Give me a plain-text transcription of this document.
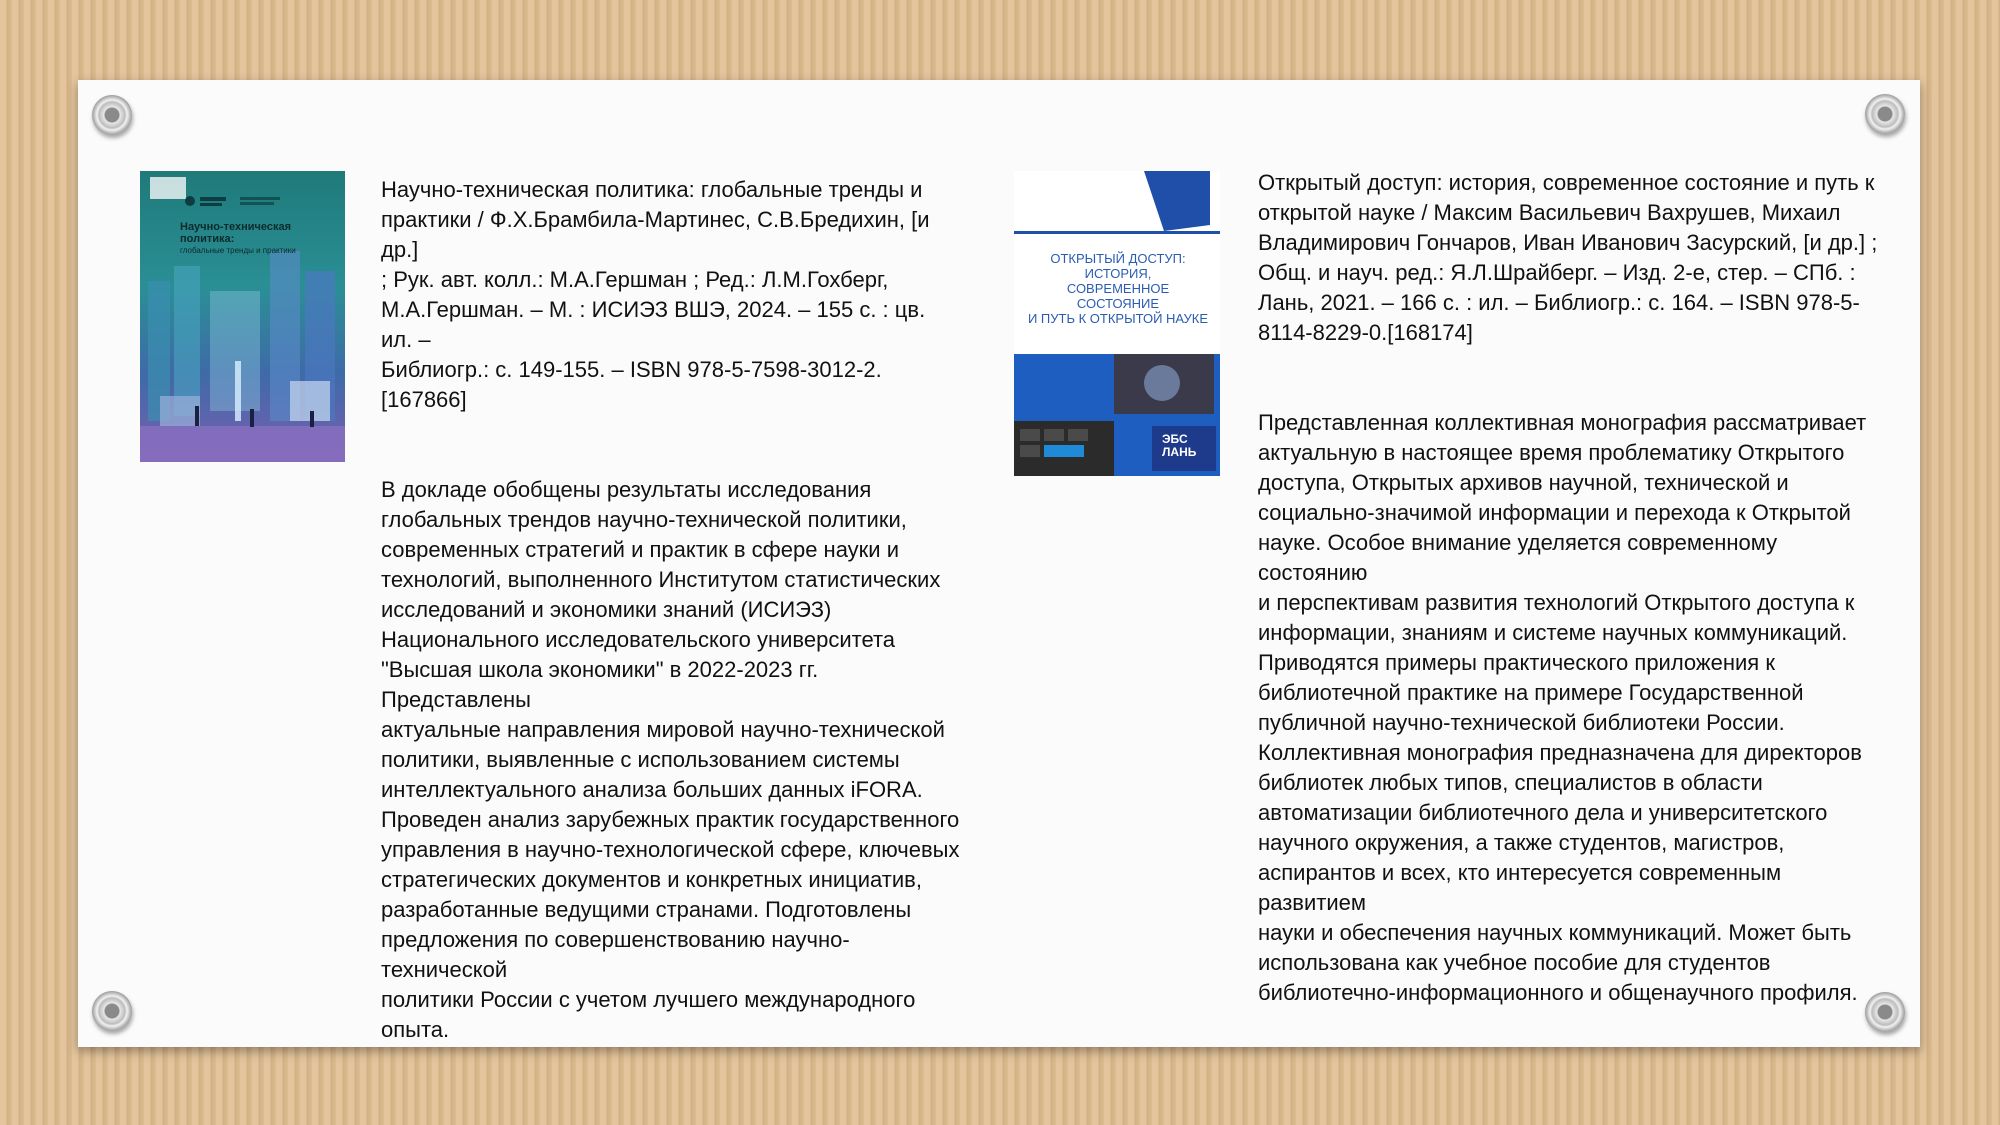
Научно-техническая политика:
глобальные тренды и практики

Научно-техническая политика: глобальные тренды и
практики / Ф.Х.Брамбила-Мартинес, С.В.Бредихин, [и др.]
; Рук. авт. колл.: М.А.Гершман ; Ред.: Л.М.Гохберг,
М.А.Гершман. – М. : ИСИЭЗ ВШЭ, 2024. – 155 с. : цв. ил. –
Библиогр.: с. 149-155. – ISBN 978-5-7598-3012-2.[167866]

В докладе обобщены результаты исследования
глобальных трендов научно-технической политики,
современных стратегий и практик в сфере науки и
технологий, выполненного Институтом статистических
исследований и экономики знаний (ИСИЭЗ)
Национального исследовательского университета
"Высшая школа экономики" в 2022-2023 гг. Представлены
актуальные направления мировой научно-технической
политики, выявленные с использованием системы
интеллектуального анализа больших данных iFORA.
Проведен анализ зарубежных практик государственного
управления в научно-технологической сфере, ключевых
стратегических документов и конкретных инициатив,
разработанные ведущими странами. Подготовлены
предложения по совершенствованию научно-технической
политики России с учетом лучшего международного
опыта.

ОТКРЫТЫЙ ДОСТУП:
ИСТОРИЯ,
СОВРЕМЕННОЕ
СОСТОЯНИЕ
И ПУТЬ К ОТКРЫТОЙ НАУКЕ
ЭБС
ЛАНЬ

Открытый доступ: история, современное состояние и путь к
открытой науке / Максим Васильевич Вахрушев, Михаил
Владимирович Гончаров, Иван Иванович Засурский, [и др.] ;
Общ. и науч. ред.: Я.Л.Шрайберг. – Изд. 2-е, стер. – СПб. :
Лань, 2021. – 166 с. : ил. – Библиогр.: с. 164. – ISBN 978-5-
8114-8229-0.[168174]

Представленная коллективная монография рассматривает
актуальную в настоящее время проблематику Открытого
доступа, Открытых архивов научной, технической и
социально-значимой информации и перехода к Открытой
науке. Особое внимание уделяется современному состоянию
и перспективам развития технологий Открытого доступа к
информации, знаниям и системе научных коммуникаций.
Приводятся примеры практического приложения к
библиотечной практике на примере Государственной
публичной научно-технической библиотеки России.
Коллективная монография предназначена для директоров
библиотек любых типов, специалистов в области
автоматизации библиотечного дела и университетского
научного окружения, а также студентов, магистров,
аспирантов и всех, кто интересуется современным развитием
науки и обеспечения научных коммуникаций. Может быть
использована как учебное пособие для студентов
библиотечно-информационного и общенаучного профиля.
